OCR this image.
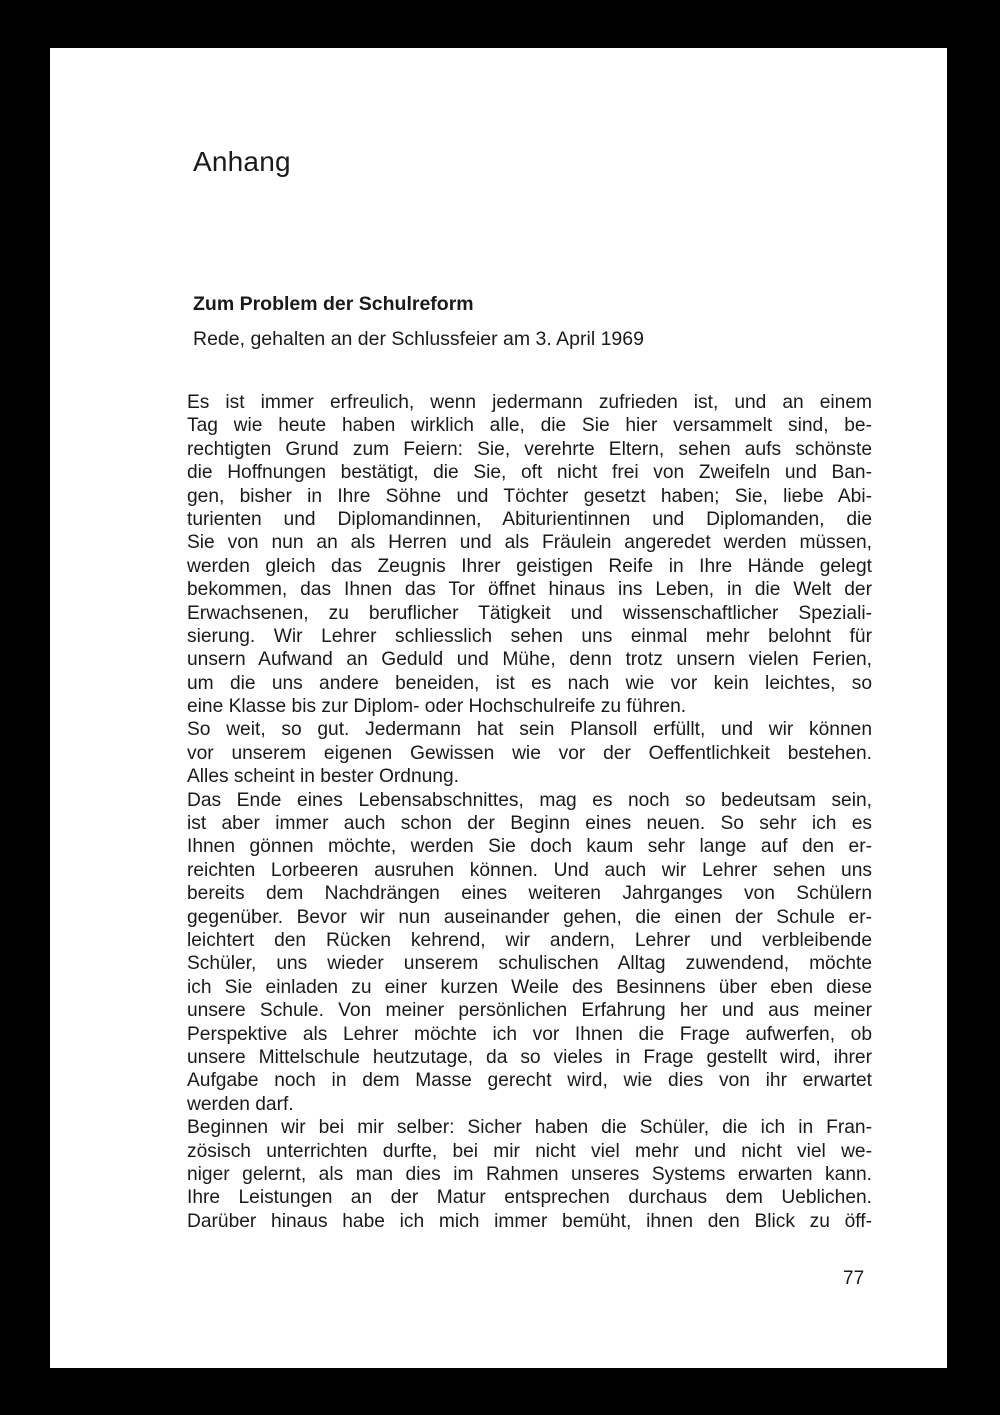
Anhang
Zum Problem der Schulreform

Rede, gehalten an der Schlussfeier am 3. April 1969

Es ist immer erfreulich, wenn jedermann zufrieden ist, und an einem
Tag wie heute haben wirklich alle, die Sie hier versammelt sind, be-
rechtigten Grund zum Feiern: Sie, verehrte Eltern, sehen aufs schönste
die Hoffnungen bestätigt, die Sie, oft nicht frei von Zweifeln und Ban-
gen, bisher in Ihre Söhne und Töchter gesetzt haben; Sie, liebe Abi-
turienten und Diplomandinnen, Abiturientinnen und Diplomanden, die
Sie von nun an als Herren und als Fräulein angeredet werden müssen,
werden gleich das Zeugnis Ihrer geistigen Reife in Ihre Hände gelegt
bekommen, das Ihnen das Tor öffnet hinaus ins Leben, in die Welt der
Erwachsenen, zu beruflicher Tätigkeit und wissenschaftlicher Speziali-
sierung. Wir Lehrer schliesslich sehen uns einmal mehr belohnt für
unsern Aufwand an Geduld und Mühe, denn trotz unsern vielen Ferien,
um die uns andere beneiden, ist es nach wie vor kein leichtes, so
eine Klasse bis zur Diplom- oder Hochschulreife zu führen.
So weit, so gut. Jedermann hat sein Plansoll erfüllt, und wir können
vor unserem eigenen Gewissen wie vor der Oeffentlichkeit bestehen.
Alles scheint in bester Ordnung.
Das Ende eines Lebensabschnittes, mag es noch so bedeutsam sein,
ist aber immer auch schon der Beginn eines neuen. So sehr ich es
Ihnen gönnen möchte, werden Sie doch kaum sehr lange auf den er-
reichten Lorbeeren ausruhen können. Und auch wir Lehrer sehen uns
bereits dem Nachdrängen eines weiteren Jahrganges von Schülern
gegenüber. Bevor wir nun auseinander gehen, die einen der Schule er-
leichtert den Rücken kehrend, wir andern, Lehrer und verbleibende
Schüler, uns wieder unserem schulischen Alltag zuwendend, möchte
ich Sie einladen zu einer kurzen Weile des Besinnens über eben diese
unsere Schule. Von meiner persönlichen Erfahrung her und aus meiner
Perspektive als Lehrer möchte ich vor Ihnen die Frage aufwerfen, ob
unsere Mittelschule heutzutage, da so vieles in Frage gestellt wird, ihrer
Aufgabe noch in dem Masse gerecht wird, wie dies von ihr erwartet
werden darf.
Beginnen wir bei mir selber: Sicher haben die Schüler, die ich in Fran-
zösisch unterrichten durfte, bei mir nicht viel mehr und nicht viel we-
niger gelernt, als man dies im Rahmen unseres Systems erwarten kann.
Ihre Leistungen an der Matur entsprechen durchaus dem Ueblichen.
Darüber hinaus habe ich mich immer bemüht, ihnen den Blick zu öff-

77
